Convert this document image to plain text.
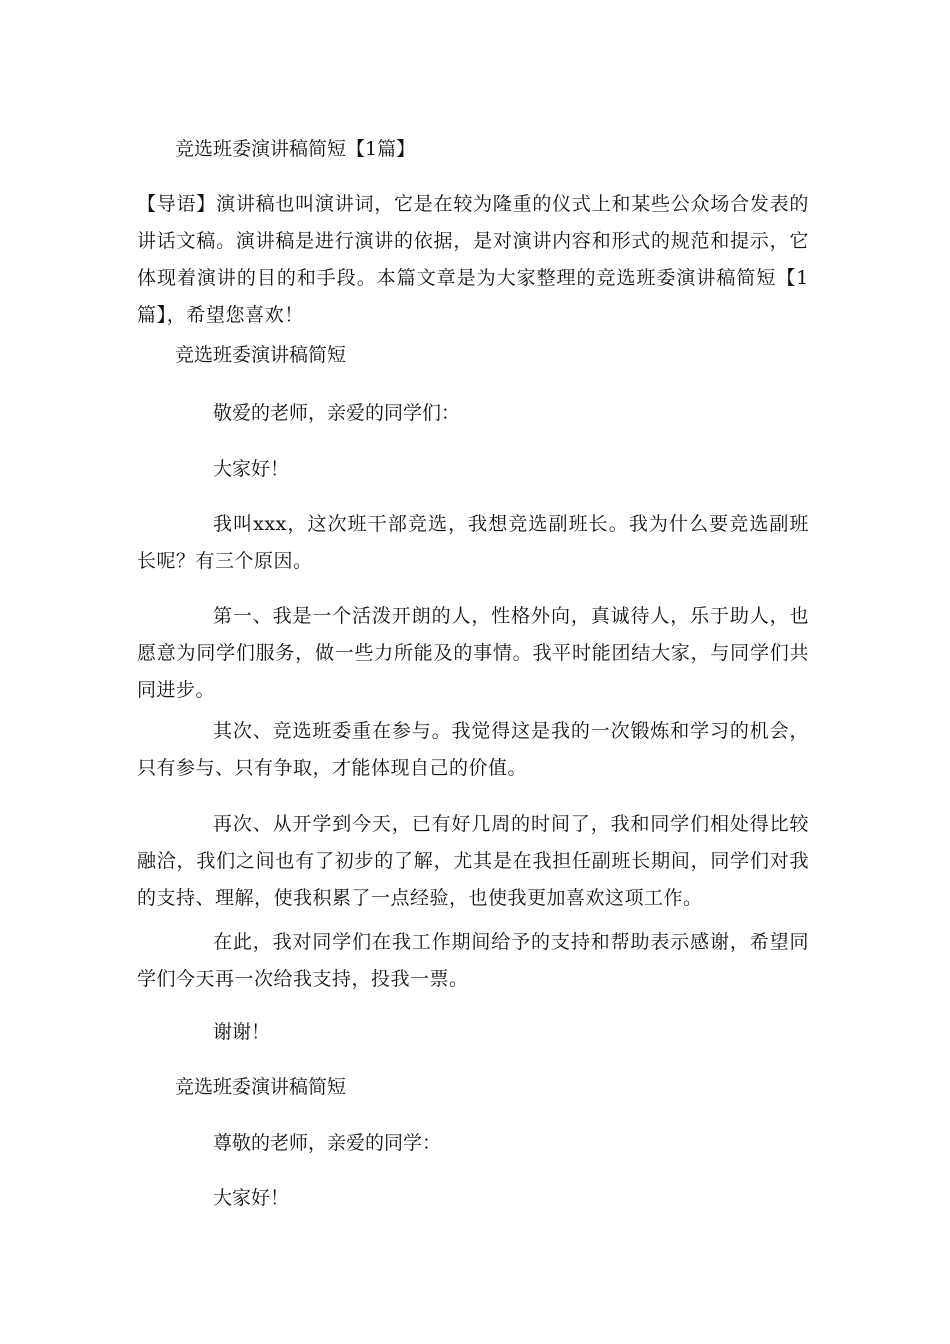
竞选班委演讲稿简短【1篇】

【导语】演讲稿也叫演讲词，它是在较为隆重的仪式上和某些公众场合发表的讲话文稿。演讲稿是进行演讲的依据，是对演讲内容和形式的规范和提示，它体现着演讲的目的和手段。本篇文章是为大家整理的竞选班委演讲稿简短【1篇】，希望您喜欢！

竞选班委演讲稿简短

敬爱的老师，亲爱的同学们：

大家好！

我叫xxx，这次班干部竞选，我想竞选副班长。我为什么要竞选副班长呢？有三个原因。

第一、我是一个活泼开朗的人，性格外向，真诚待人，乐于助人，也愿意为同学们服务，做一些力所能及的事情。我平时能团结大家，与同学们共同进步。

其次、竞选班委重在参与。我觉得这是我的一次锻炼和学习的机会，只有参与、只有争取，才能体现自己的价值。

再次、从开学到今天，已有好几周的时间了，我和同学们相处得比较融洽，我们之间也有了初步的了解，尤其是在我担任副班长期间，同学们对我的支持、理解，使我积累了一点经验，也使我更加喜欢这项工作。

在此，我对同学们在我工作期间给予的支持和帮助表示感谢，希望同学们今天再一次给我支持，投我一票。

谢谢！

竞选班委演讲稿简短

尊敬的老师，亲爱的同学：

大家好！
